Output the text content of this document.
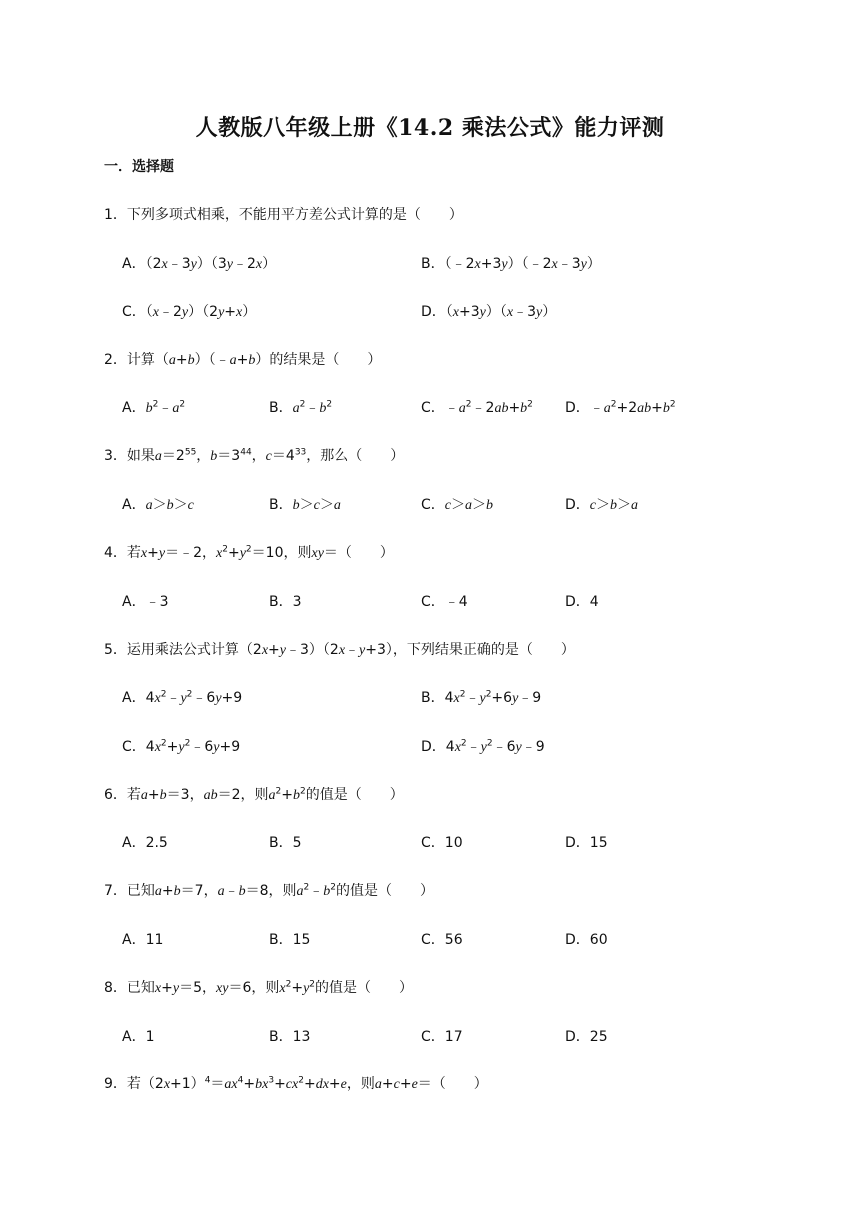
人教版八年级上册《14.2 乘法公式》能力评测
一．选择题
1．下列多项式相乘，不能用平方差公式计算的是（　　）
A．（2x﹣3y）（3y﹣2x）	B．（﹣2x+3y）（﹣2x﹣3y）
C．（x﹣2y）（2y+x）	D．（x+3y）（x﹣3y）
2．计算（a+b）（﹣a+b）的结果是（　　）
A．$b^2﹣a^2$	B．$a^2﹣b^2$	C．$﹣a^2﹣2ab+b^2$ D．$﹣a^2+2ab+b^2$
3．如果$a=2^{55}$，$b=3^{44}$，$c=4^{33}$，那么（　　）
A．a＞b＞c	B．b＞c＞a	C．c＞a＞b	D．c＞b＞a
4．若x+y＝﹣2，$x^2+y^2=10$，则xy＝（　　）
A．﹣3	B．3	C．﹣4	D．4
5．运用乘法公式计算（2x+y﹣3）（2x﹣y+3），下列结果正确的是（　　）
A．$4x^2﹣y^2﹣6y+9$	B．$4x^2﹣y^2+6y﹣9$
C．$4x^2+y^2﹣6y+9$	D．$4x^2﹣y^2﹣6y﹣9$
6．若a+b＝3，ab＝2，则$a^2+b^2$的值是（　　）
A．2.5	B．5	C．10	D．15
7．已知a+b＝7，a﹣b＝8，则$a^2﹣b^2$的值是（　　）
A．11	B．15	C．56	D．60
8．已知x+y＝5，xy＝6，则$x^2+y^2$的值是（　　）
A．1	B．13	C．17	D．25
9．若$(2x+1)^4=ax^4+bx^3+cx^2+dx+e$，则a+c+e＝（　　）
